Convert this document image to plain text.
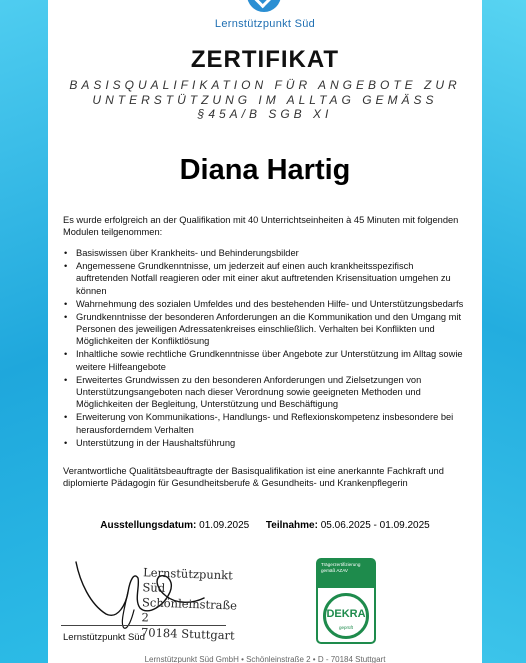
Lernstützpunkt Süd
ZERTIFIKAT
BASISQUALIFIKATION FÜR ANGEBOTE ZUR UNTERSTÜTZUNG IM ALLTAG GEMÄSS §45A/B SGB XI
Diana Hartig
Es wurde erfolgreich an der Qualifikation mit 40 Unterrichtseinheiten à 45 Minuten mit folgenden Modulen teilgenommen:
• Basiswissen über Krankheits- und Behinderungsbilder
• Angemessene Grundkenntnisse, um jederzeit auf einen auch krankheitsspezifisch auftretenden Notfall reagieren oder mit einer akut auftretenden Krisensituation umgehen zu können
• Wahrnehmung des sozialen Umfeldes und des bestehenden Hilfe- und Unterstützungsbedarfs
• Grundkenntnisse der besonderen Anforderungen an die Kommunikation und den Umgang mit Personen des jeweiligen Adressatenkreises einschließlich. Verhalten bei Konflikten und Möglichkeiten der Konfliktlösung
• Inhaltliche sowie rechtliche Grundkenntnisse über Angebote zur Unterstützung im Alltag sowie weitere Hilfeangebote
• Erweitertes Grundwissen zu den besonderen Anforderungen und Zielsetzungen von Unterstützungsangeboten nach dieser Verordnung sowie geeigneten Methoden und Möglichkeiten der Begleitung, Unterstützung und Beschäftigung
• Erweiterung von Kommunikations-, Handlungs- und Reflexionskompetenz insbesondere bei herausforderndem Verhalten
• Unterstützung in der Haushaltsführung
Verantwortliche Qualitätsbeauftragte der Basisqualifikation ist eine anerkannte Fachkraft und diplomierte Pädagogin für Gesundheitsberufe & Gesundheits- und Krankenpflegerin
Ausstellungsdatum: 01.09.2025 Teilnahme: 05.06.2025 - 01.09.2025
Lernstützpunkt Süd
Schönleinstraße 2
70184 Stuttgart
Lernstützpunkt Süd
Trägerzertifizierung gemäß AZAV
DEKRA
geprüft
Lernstützpunkt Süd GmbH • Schönleinstraße 2 • D - 70184 Stuttgart
